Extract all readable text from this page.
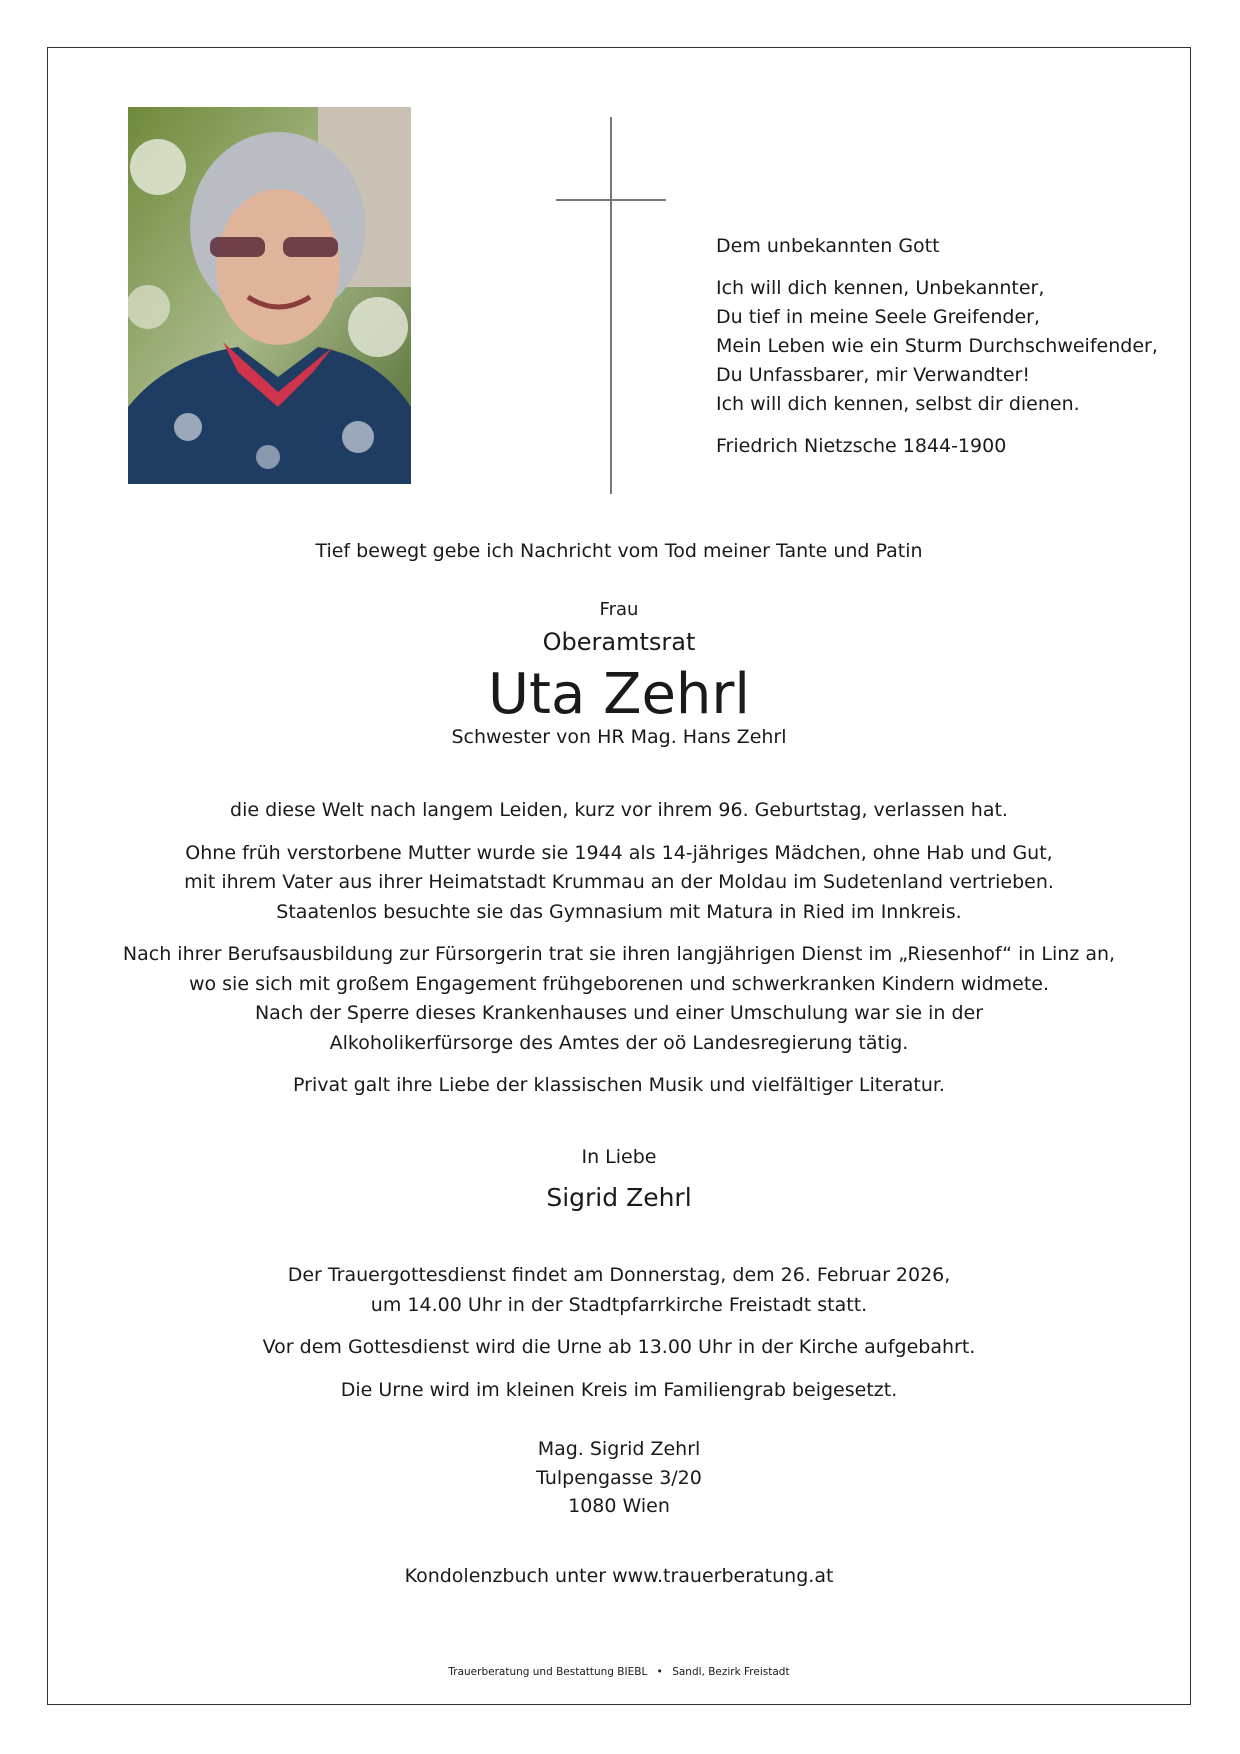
Dem unbekannten Gott

Ich will dich kennen, Unbekannter,
Du tief in meine Seele Greifender,
Mein Leben wie ein Sturm Durchschweifender,
Du Unfassbarer, mir Verwandter!
Ich will dich kennen, selbst dir dienen.

Friedrich Nietzsche 1844-1900

Tief bewegt gebe ich Nachricht vom Tod meiner Tante und Patin
Frau
Oberamtsrat
Uta Zehrl
Schwester von HR Mag. Hans Zehrl

die diese Welt nach langem Leiden, kurz vor ihrem 96. Geburtstag, verlassen hat.

Ohne früh verstorbene Mutter wurde sie 1944 als 14-jähriges Mädchen, ohne Hab und Gut,
mit ihrem Vater aus ihrer Heimatstadt Krummau an der Moldau im Sudetenland vertrieben.
Staatenlos besuchte sie das Gymnasium mit Matura in Ried im Innkreis.

Nach ihrer Berufsausbildung zur Fürsorgerin trat sie ihren langjährigen Dienst im „Riesenhof“ in Linz an,
wo sie sich mit großem Engagement frühgeborenen und schwerkranken Kindern widmete.
Nach der Sperre dieses Krankenhauses und einer Umschulung war sie in der
Alkoholikerfürsorge des Amtes der oö Landesregierung tätig.

Privat galt ihre Liebe der klassischen Musik und vielfältiger Literatur.

In Liebe
Sigrid Zehrl

Der Trauergottesdienst findet am Donnerstag, dem 26. Februar 2026,
um 14.00 Uhr in der Stadtpfarrkirche Freistadt statt.

Vor dem Gottesdienst wird die Urne ab 13.00 Uhr in der Kirche aufgebahrt.

Die Urne wird im kleinen Kreis im Familiengrab beigesetzt.

Mag. Sigrid Zehrl
Tulpengasse 3/20
1080 Wien
Kondolenzbuch unter www.trauerberatung.at
Trauerberatung und Bestattung BIEBL • Sandl, Bezirk Freistadt
